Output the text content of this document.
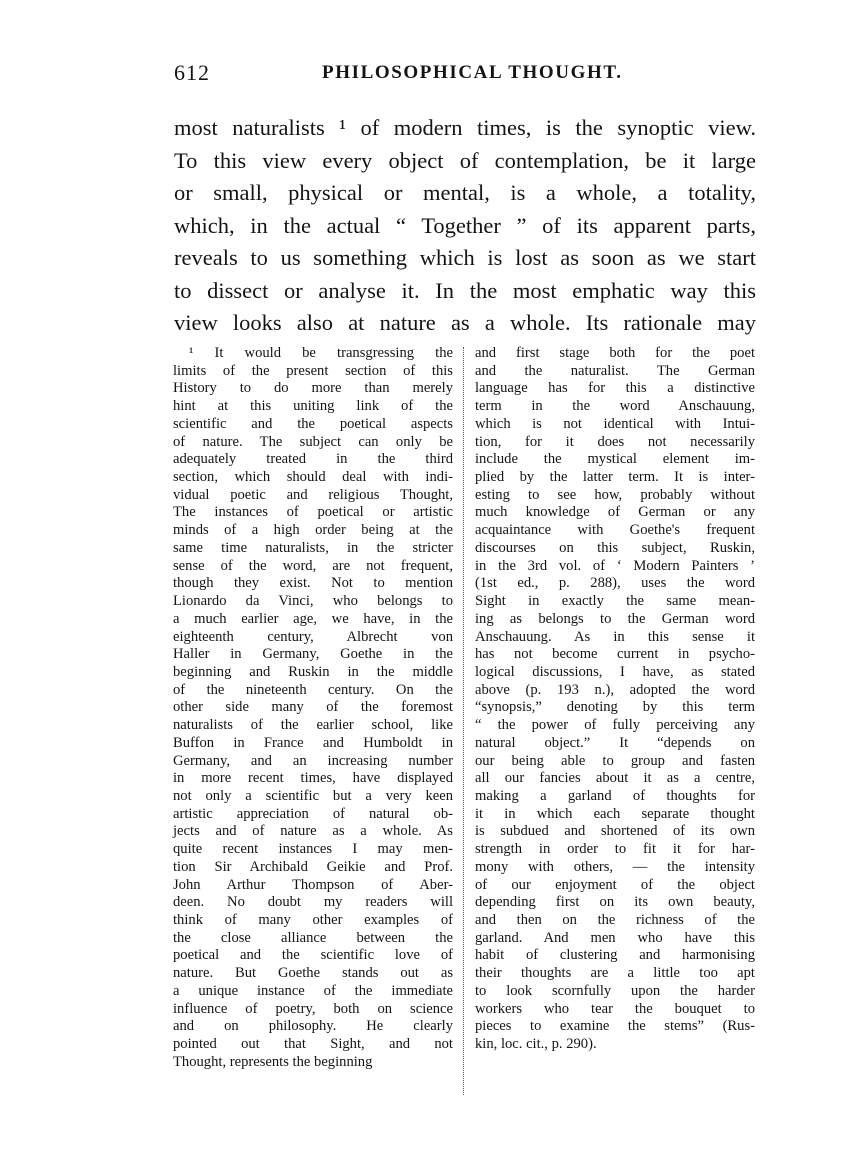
612	PHILOSOPHICAL THOUGHT.
most naturalists ¹ of modern times, is the synoptic view.
To this view every object of contemplation, be it large
or small, physical or mental, is a whole, a totality,
which, in the actual “ Together ” of its apparent parts,
reveals to us something which is lost as soon as we start
to dissect or analyse it. In the most emphatic way this
view looks also at nature as a whole. Its rationale may
¹ It would be transgressing the
limits of the present section of this
History to do more than merely
hint at this uniting link of the
scientific and the poetical aspects
of nature. The subject can only be
adequately treated in the third
section, which should deal with indi-
vidual poetic and religious Thought,
The instances of poetical or artistic
minds of a high order being at the
same time naturalists, in the stricter
sense of the word, are not frequent,
though they exist. Not to mention
Lionardo da Vinci, who belongs to
a much earlier age, we have, in the
eighteenth century, Albrecht von
Haller in Germany, Goethe in the
beginning and Ruskin in the middle
of the nineteenth century. On the
other side many of the foremost
naturalists of the earlier school, like
Buffon in France and Humboldt in
Germany, and an increasing number
in more recent times, have displayed
not only a scientific but a very keen
artistic appreciation of natural ob-
jects and of nature as a whole. As
quite recent instances I may men-
tion Sir Archibald Geikie and Prof.
John Arthur Thompson of Aber-
deen. No doubt my readers will
think of many other examples of
the close alliance between the
poetical and the scientific love of
nature. But Goethe stands out as
a unique instance of the immediate
influence of poetry, both on science
and on philosophy. He clearly
pointed out that Sight, and not
Thought, represents the beginning
and first stage both for the poet
and the naturalist. The German
language has for this a distinctive
term in the word Anschauung,
which is not identical with Intui-
tion, for it does not necessarily
include the mystical element im-
plied by the latter term. It is inter-
esting to see how, probably without
much knowledge of German or any
acquaintance with Goethe's frequent
discourses on this subject, Ruskin,
in the 3rd vol. of ‘ Modern Painters ’
(1st ed., p. 288), uses the word
Sight in exactly the same mean-
ing as belongs to the German word
Anschauung. As in this sense it
has not become current in psycho-
logical discussions, I have, as stated
above (p. 193 n.), adopted the word
“synopsis,” denoting by this term
“ the power of fully perceiving any
natural object.” It “depends on
our being able to group and fasten
all our fancies about it as a centre,
making a garland of thoughts for
it in which each separate thought
is subdued and shortened of its own
strength in order to fit it for har-
mony with others, — the intensity
of our enjoyment of the object
depending first on its own beauty,
and then on the richness of the
garland. And men who have this
habit of clustering and harmonising
their thoughts are a little too apt
to look scornfully upon the harder
workers who tear the bouquet to
pieces to examine the stems” (Rus-
kin, loc. cit., p. 290).
